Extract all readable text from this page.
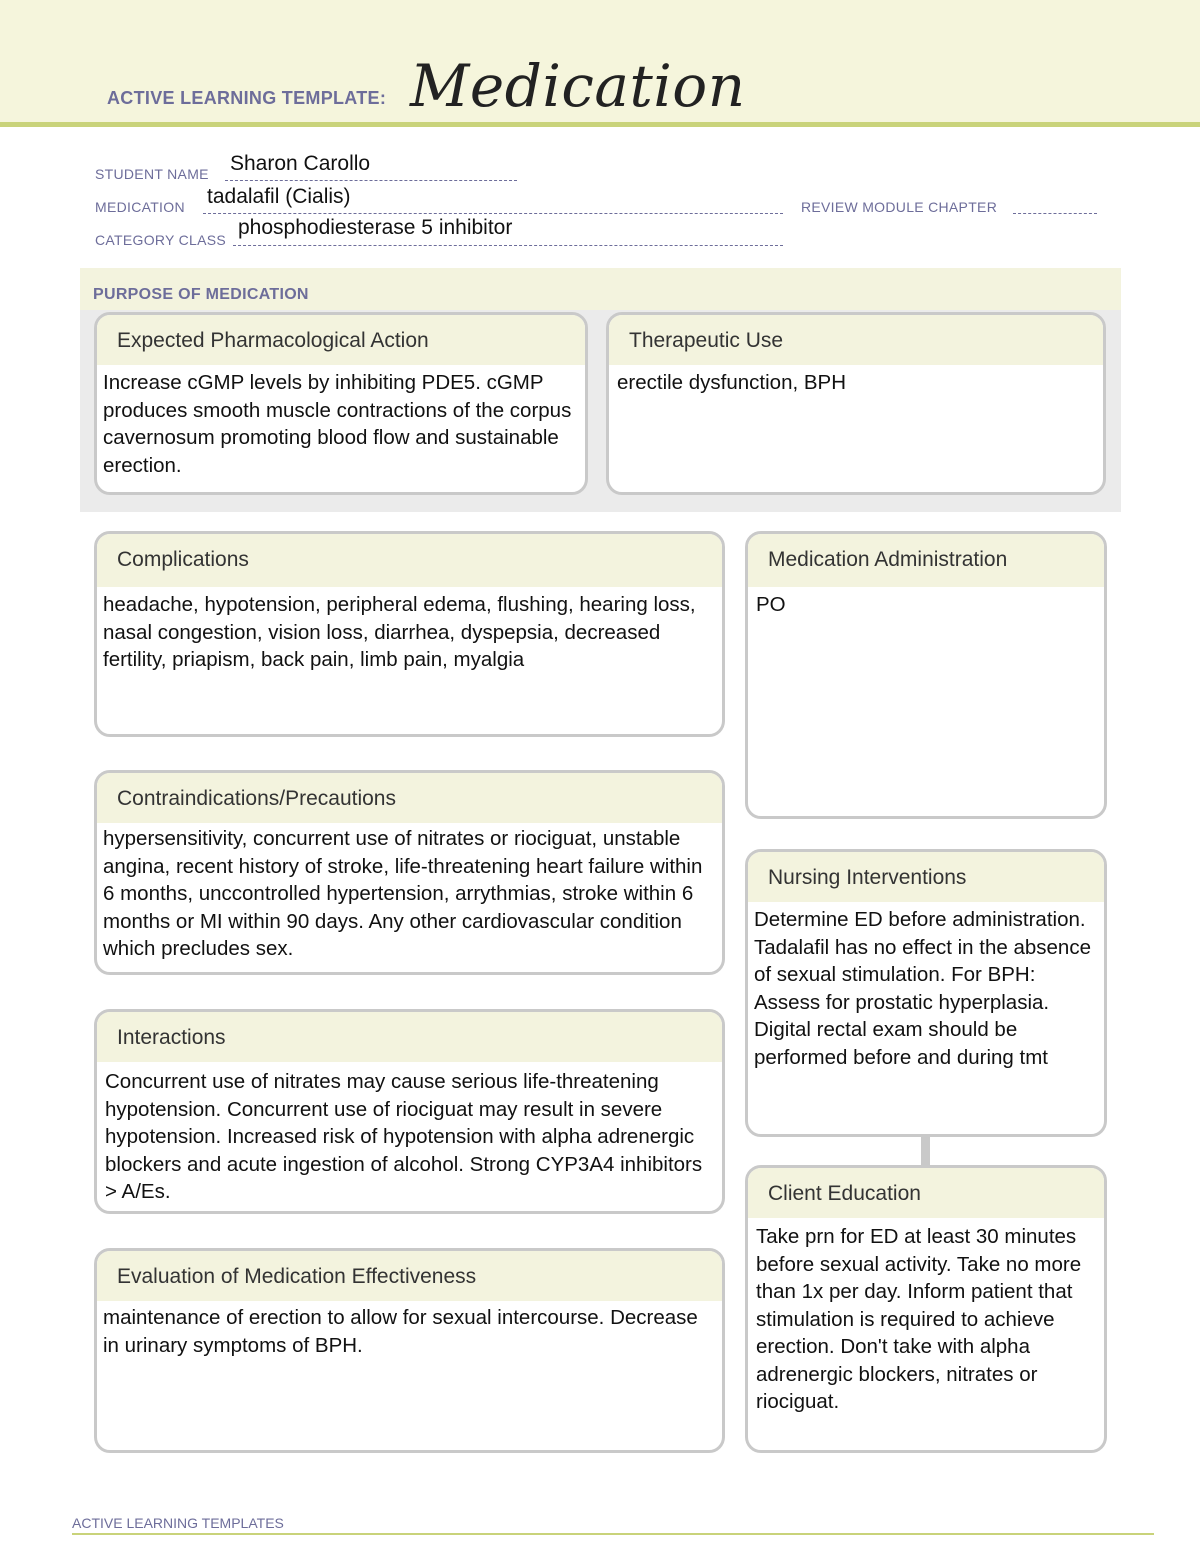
ACTIVE LEARNING TEMPLATE: Medication
STUDENT NAME Sharon Carollo
MEDICATION tadalafil (Cialis)	REVIEW MODULE CHAPTER
CATEGORY CLASS
phosphodiesterase 5 inhibitor
PURPOSE OF MEDICATION
Expected Pharmacological Action
Increase cGMP levels by inhibiting PDE5. cGMP produces smooth muscle contractions of the corpus cavernosum promoting blood flow and sustainable erection.
Therapeutic Use
erectile dysfunction, BPH
Complications
headache, hypotension, peripheral edema, flushing, hearing loss, nasal congestion, vision loss, diarrhea, dyspepsia, decreased fertility, priapism, back pain, limb pain, myalgia
Contraindications/Precautions
hypersensitivity, concurrent use of nitrates or riociguat, unstable angina, recent history of stroke, life-threatening heart failure within 6 months, unccontrolled hypertension, arrythmias, stroke within 6 months or MI within 90 days. Any other cardiovascular condition which precludes sex.
Interactions
Concurrent use of nitrates may cause serious life-threatening hypotension. Concurrent use of riociguat may result in severe hypotension. Increased risk of hypotension with alpha adrenergic blockers and acute ingestion of alcohol. Strong CYP3A4 inhibitors > A/Es.
Evaluation of Medication Effectiveness
maintenance of erection to allow for sexual intercourse. Decrease in urinary symptoms of BPH.
Medication Administration
PO
Nursing Interventions
Determine ED before administration. Tadalafil has no effect in the absence of sexual stimulation. For BPH: Assess for prostatic hyperplasia. Digital rectal exam should be performed before and during tmt
Client Education
Take prn for ED at least 30 minutes before sexual activity. Take no more than 1x per day. Inform patient that stimulation is required to achieve erection. Don't take with alpha adrenergic blockers, nitrates or riociguat.
ACTIVE LEARNING TEMPLATES
